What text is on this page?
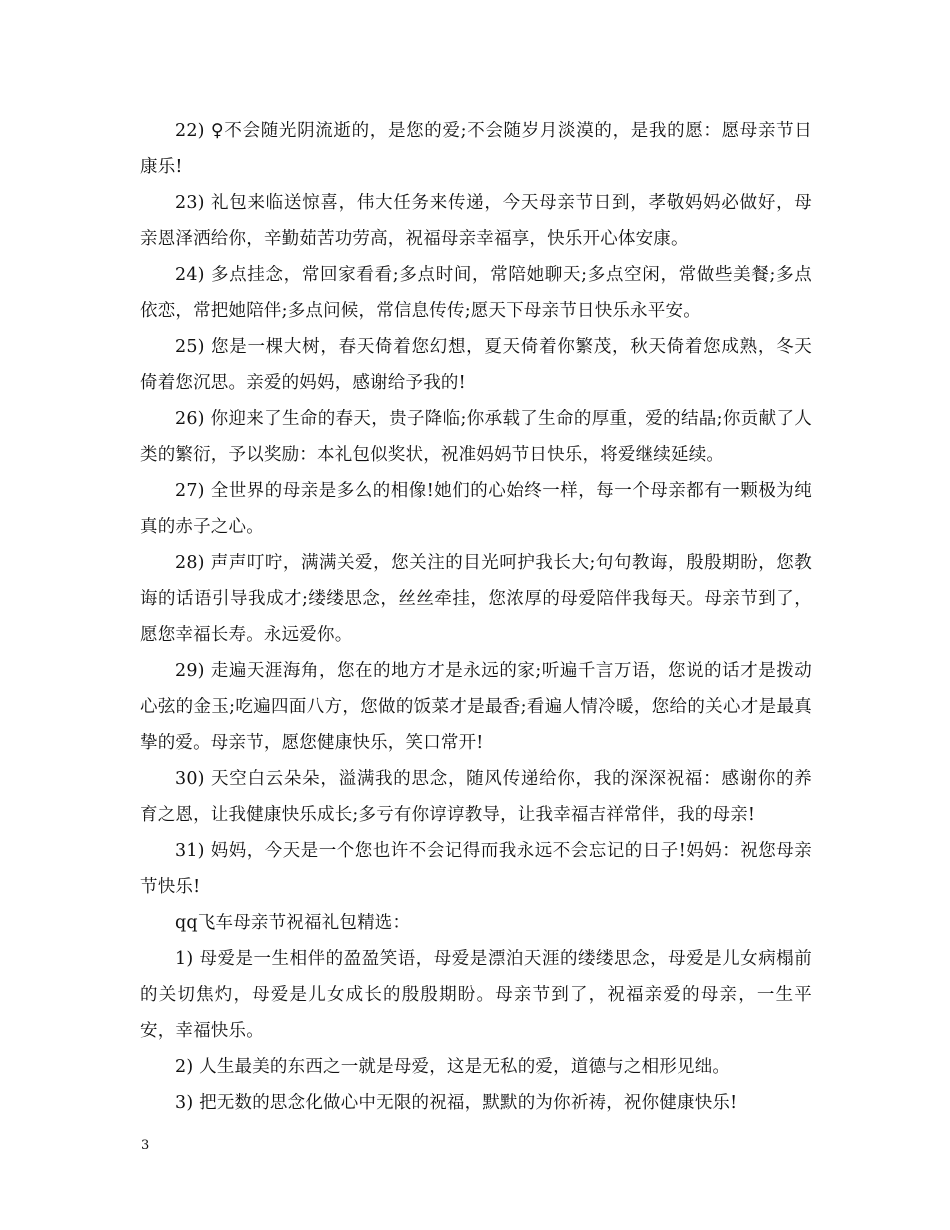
22) ♀不会随光阴流逝的，是您的爱;不会随岁月淡漠的，是我的愿：愿母亲节日康乐!

23) 礼包来临送惊喜，伟大任务来传递，今天母亲节日到，孝敬妈妈必做好，母亲恩泽洒给你，辛勤茹苦功劳高，祝福母亲幸福享，快乐开心体安康。

24) 多点挂念，常回家看看;多点时间，常陪她聊天;多点空闲，常做些美餐;多点依恋，常把她陪伴;多点问候，常信息传传;愿天下母亲节日快乐永平安。

25) 您是一棵大树，春天倚着您幻想，夏天倚着你繁茂，秋天倚着您成熟，冬天倚着您沉思。亲爱的妈妈，感谢给予我的!

26) 你迎来了生命的春天，贵子降临;你承载了生命的厚重，爱的结晶;你贡献了人类的繁衍，予以奖励：本礼包似奖状，祝准妈妈节日快乐，将爱继续延续。

27) 全世界的母亲是多么的相像!她们的心始终一样，每一个母亲都有一颗极为纯真的赤子之心。

28) 声声叮咛，满满关爱，您关注的目光呵护我长大;句句教诲，殷殷期盼，您教诲的话语引导我成才;缕缕思念，丝丝牵挂，您浓厚的母爱陪伴我每天。母亲节到了，愿您幸福长寿。永远爱你。

29) 走遍天涯海角，您在的地方才是永远的家;听遍千言万语，您说的话才是拨动心弦的金玉;吃遍四面八方，您做的饭菜才是最香;看遍人情冷暖，您给的关心才是最真挚的爱。母亲节，愿您健康快乐，笑口常开!

30) 天空白云朵朵，溢满我的思念，随风传递给你，我的深深祝福：感谢你的养育之恩，让我健康快乐成长;多亏有你谆谆教导，让我幸福吉祥常伴，我的母亲!

31) 妈妈，今天是一个您也许不会记得而我永远不会忘记的日子!妈妈：祝您母亲节快乐!

qq飞车母亲节祝福礼包精选：

1) 母爱是一生相伴的盈盈笑语，母爱是漂泊天涯的缕缕思念，母爱是儿女病榻前的关切焦灼，母爱是儿女成长的殷殷期盼。母亲节到了，祝福亲爱的母亲，一生平安，幸福快乐。

2) 人生最美的东西之一就是母爱，这是无私的爱，道德与之相形见绌。

3) 把无数的思念化做心中无限的祝福，默默的为你祈祷，祝你健康快乐!

3
